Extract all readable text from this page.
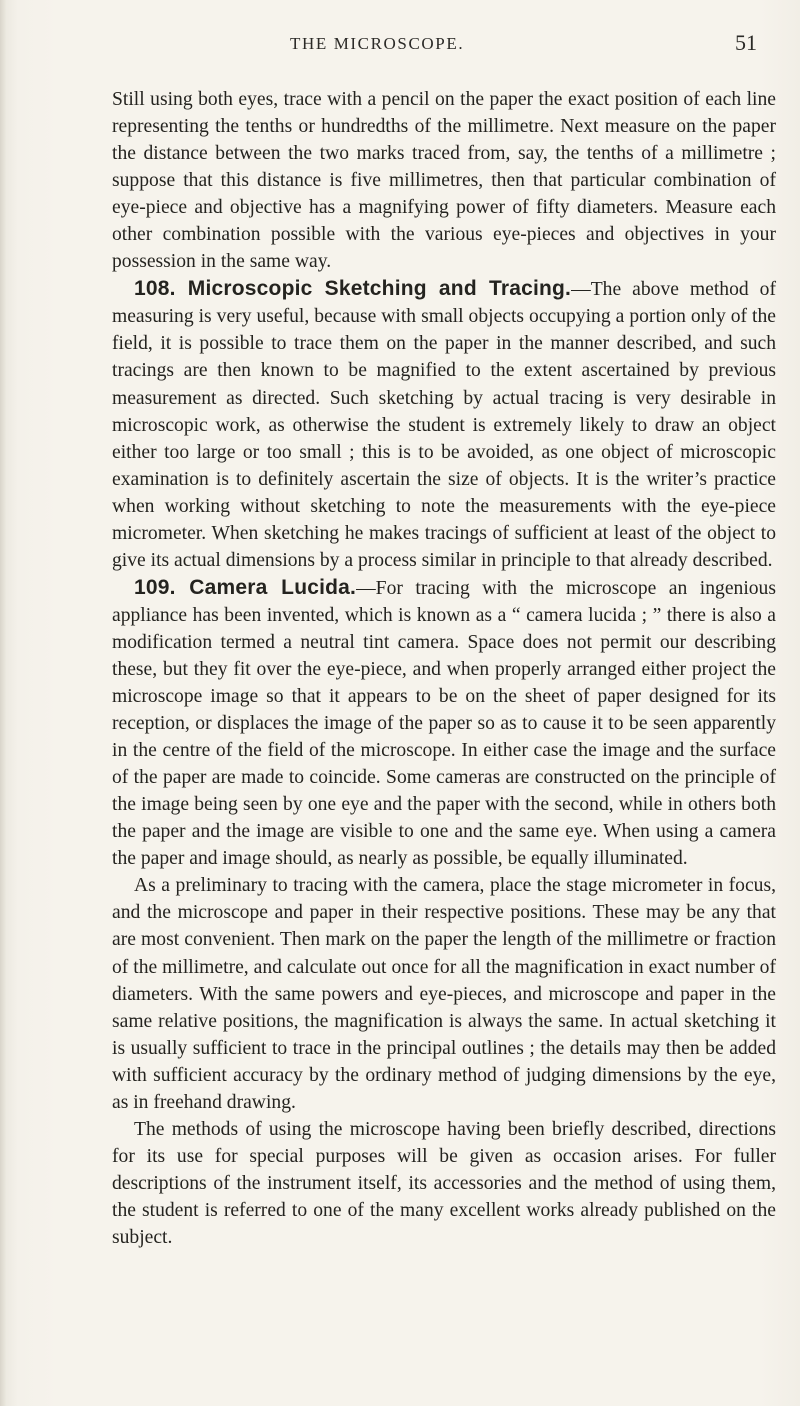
THE MICROSCOPE.	51

Still using both eyes, trace with a pencil on the paper the exact position of each line representing the tenths or hundredths of the millimetre. Next measure on the paper the distance between the two marks traced from, say, the tenths of a millimetre ; suppose that this distance is five millimetres, then that particular combination of eye-piece and objective has a magnifying power of fifty diameters. Measure each other combination possible with the various eye-pieces and objectives in your possession in the same way.

108. Microscopic Sketching and Tracing.—The above method of measuring is very useful, because with small objects occupying a portion only of the field, it is possible to trace them on the paper in the manner described, and such tracings are then known to be magnified to the extent ascertained by previous measurement as directed. Such sketching by actual tracing is very desirable in microscopic work, as otherwise the student is extremely likely to draw an object either too large or too small ; this is to be avoided, as one object of microscopic examination is to definitely ascertain the size of objects. It is the writer’s practice when working without sketching to note the measurements with the eye-piece micrometer. When sketching he makes tracings of sufficient at least of the object to give its actual dimensions by a process similar in principle to that already described.

109. Camera Lucida.—For tracing with the microscope an ingenious appliance has been invented, which is known as a “ camera lucida ; ” there is also a modification termed a neutral tint camera. Space does not permit our describing these, but they fit over the eye-piece, and when properly arranged either project the microscope image so that it appears to be on the sheet of paper designed for its reception, or displaces the image of the paper so as to cause it to be seen apparently in the centre of the field of the microscope. In either case the image and the surface of the paper are made to coincide. Some cameras are constructed on the principle of the image being seen by one eye and the paper with the second, while in others both the paper and the image are visible to one and the same eye. When using a camera the paper and image should, as nearly as possible, be equally illuminated.

As a preliminary to tracing with the camera, place the stage micrometer in focus, and the microscope and paper in their respective positions. These may be any that are most convenient. Then mark on the paper the length of the millimetre or fraction of the millimetre, and calculate out once for all the magnification in exact number of diameters. With the same powers and eye-pieces, and microscope and paper in the same relative positions, the magnification is always the same. In actual sketching it is usually sufficient to trace in the principal outlines ; the details may then be added with sufficient accuracy by the ordinary method of judging dimensions by the eye, as in freehand drawing.

The methods of using the microscope having been briefly described, directions for its use for special purposes will be given as occasion arises. For fuller descriptions of the instrument itself, its accessories and the method of using them, the student is referred to one of the many excellent works already published on the subject.
